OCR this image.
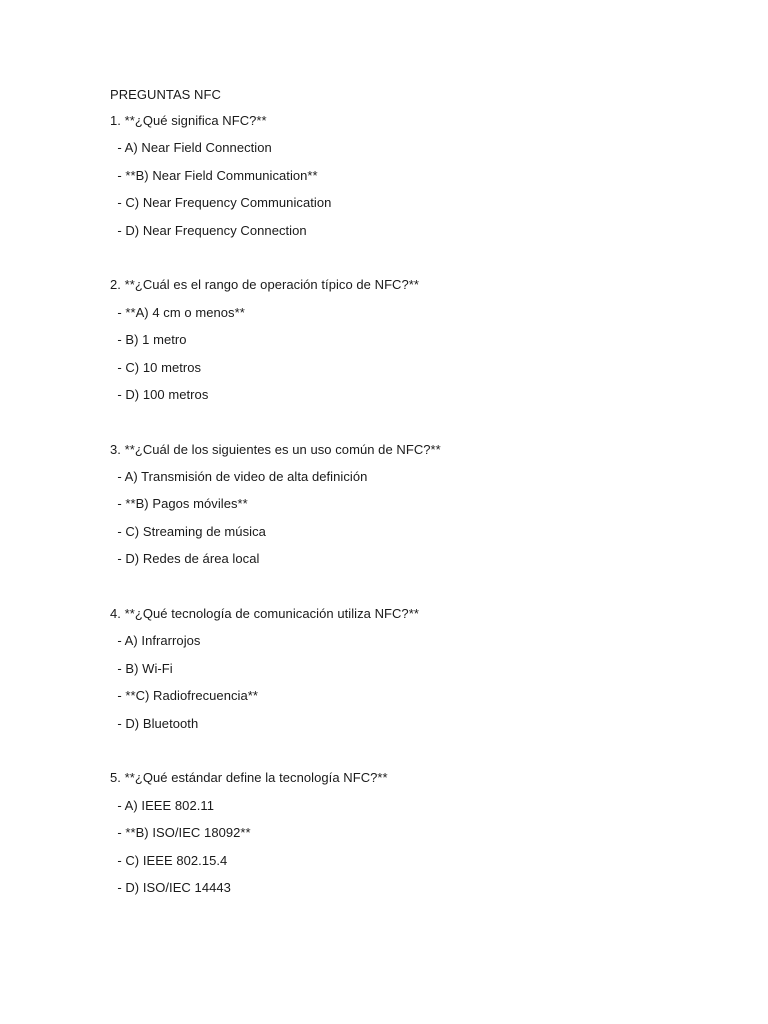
PREGUNTAS NFC
1. **¿Qué significa NFC?**
- A) Near Field Connection
- **B) Near Field Communication**
- C) Near Frequency Communication
- D) Near Frequency Connection
2. **¿Cuál es el rango de operación típico de NFC?**
- **A) 4 cm o menos**
- B) 1 metro
- C) 10 metros
- D) 100 metros
3. **¿Cuál de los siguientes es un uso común de NFC?**
- A) Transmisión de video de alta definición
- **B) Pagos móviles**
- C) Streaming de música
- D) Redes de área local
4. **¿Qué tecnología de comunicación utiliza NFC?**
- A) Infrarrojos
- B) Wi-Fi
- **C) Radiofrecuencia**
- D) Bluetooth
5. **¿Qué estándar define la tecnología NFC?**
- A) IEEE 802.11
- **B) ISO/IEC 18092**
- C) IEEE 802.15.4
- D) ISO/IEC 14443
